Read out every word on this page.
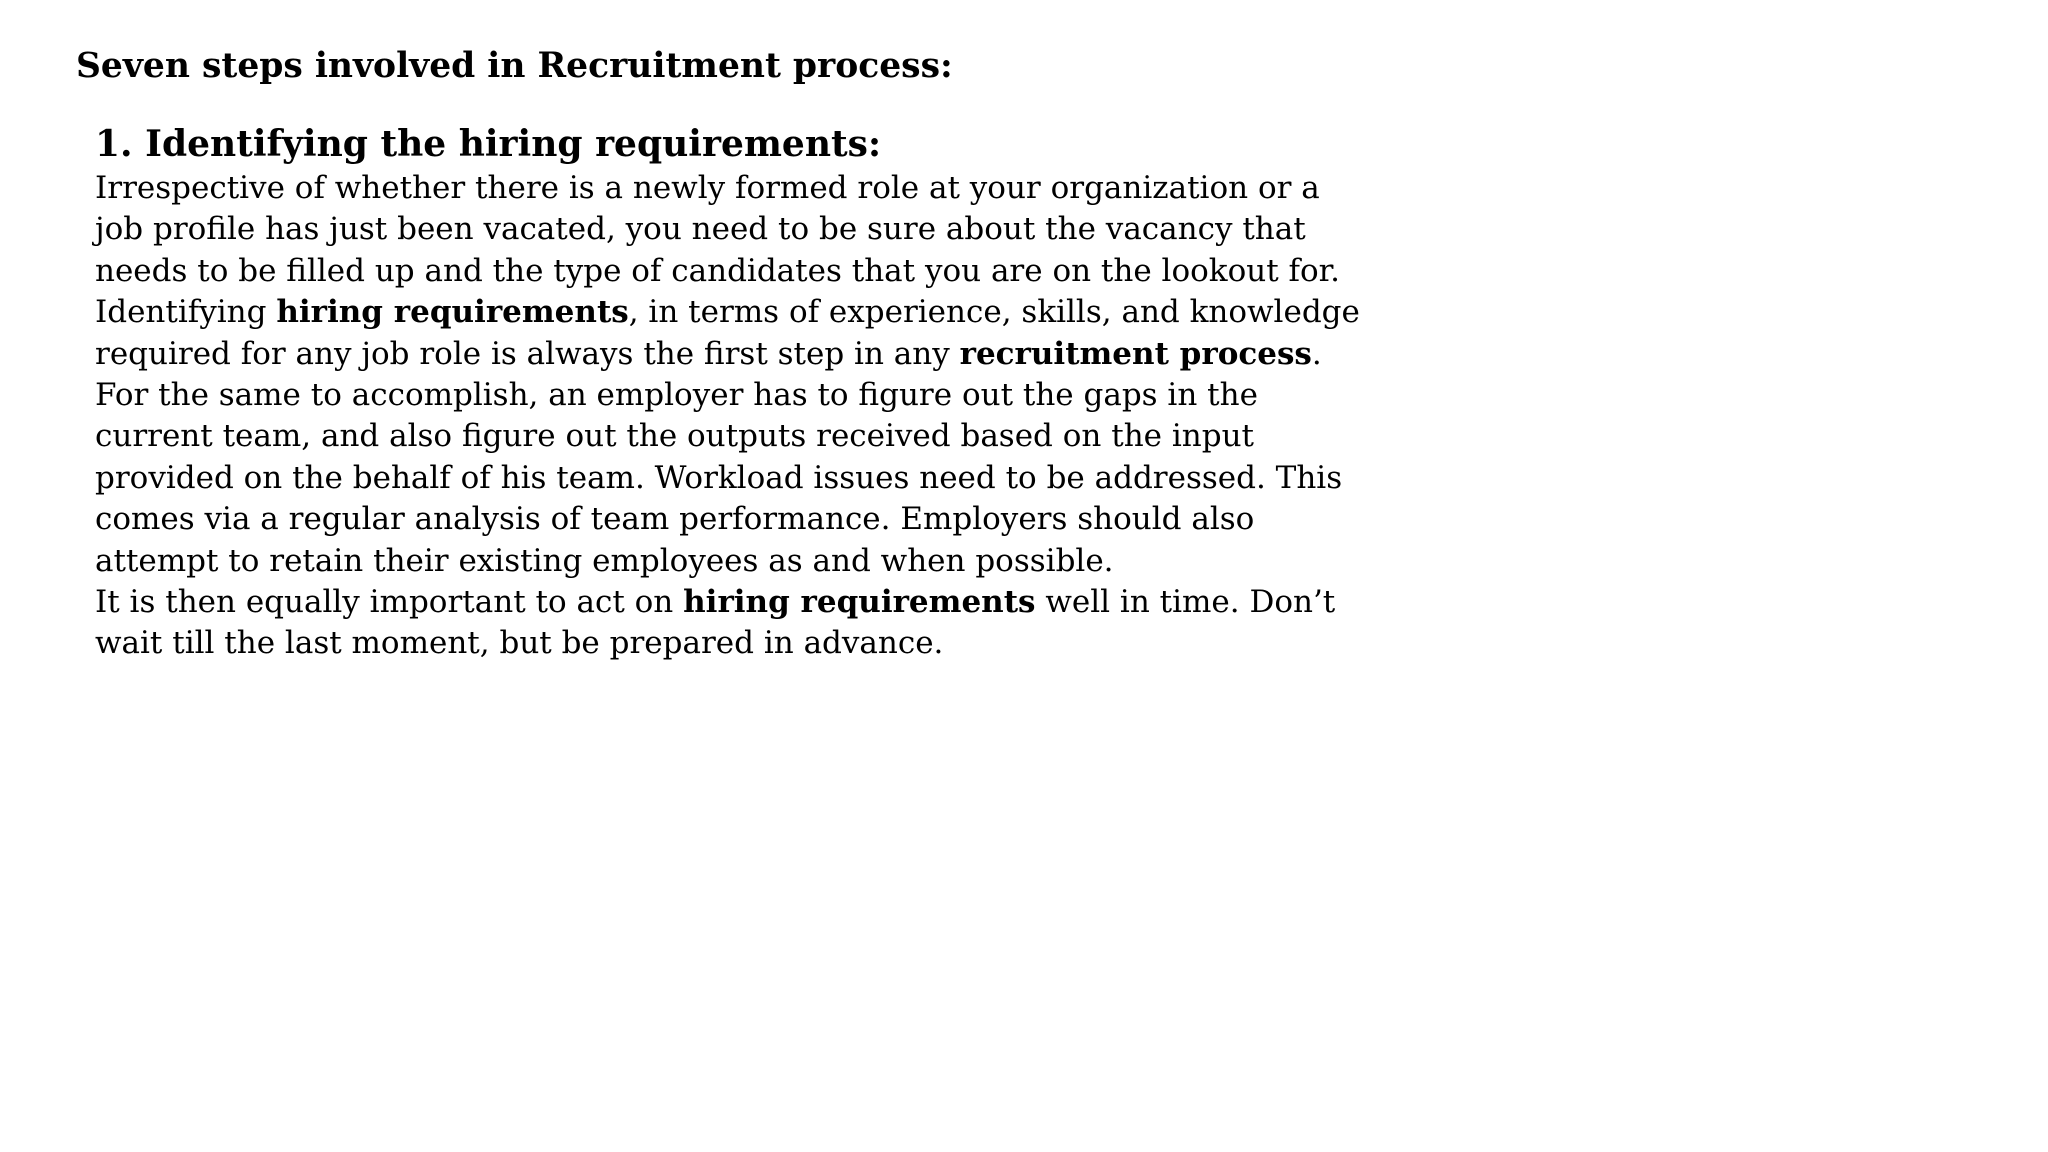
Seven steps involved in Recruitment process:
1. Identifying the hiring requirements:

Irrespective of whether there is a newly formed role at your organization or a
job profile has just been vacated, you need to be sure about the vacancy that
needs to be filled up and the type of candidates that you are on the lookout for.
Identifying hiring requirements, in terms of experience, skills, and knowledge
required for any job role is always the first step in any recruitment process.
For the same to accomplish, an employer has to figure out the gaps in the
current team, and also figure out the outputs received based on the input
provided on the behalf of his team. Workload issues need to be addressed. This
comes via a regular analysis of team performance. Employers should also
attempt to retain their existing employees as and when possible.
It is then equally important to act on hiring requirements well in time. Don’t
wait till the last moment, but be prepared in advance.
